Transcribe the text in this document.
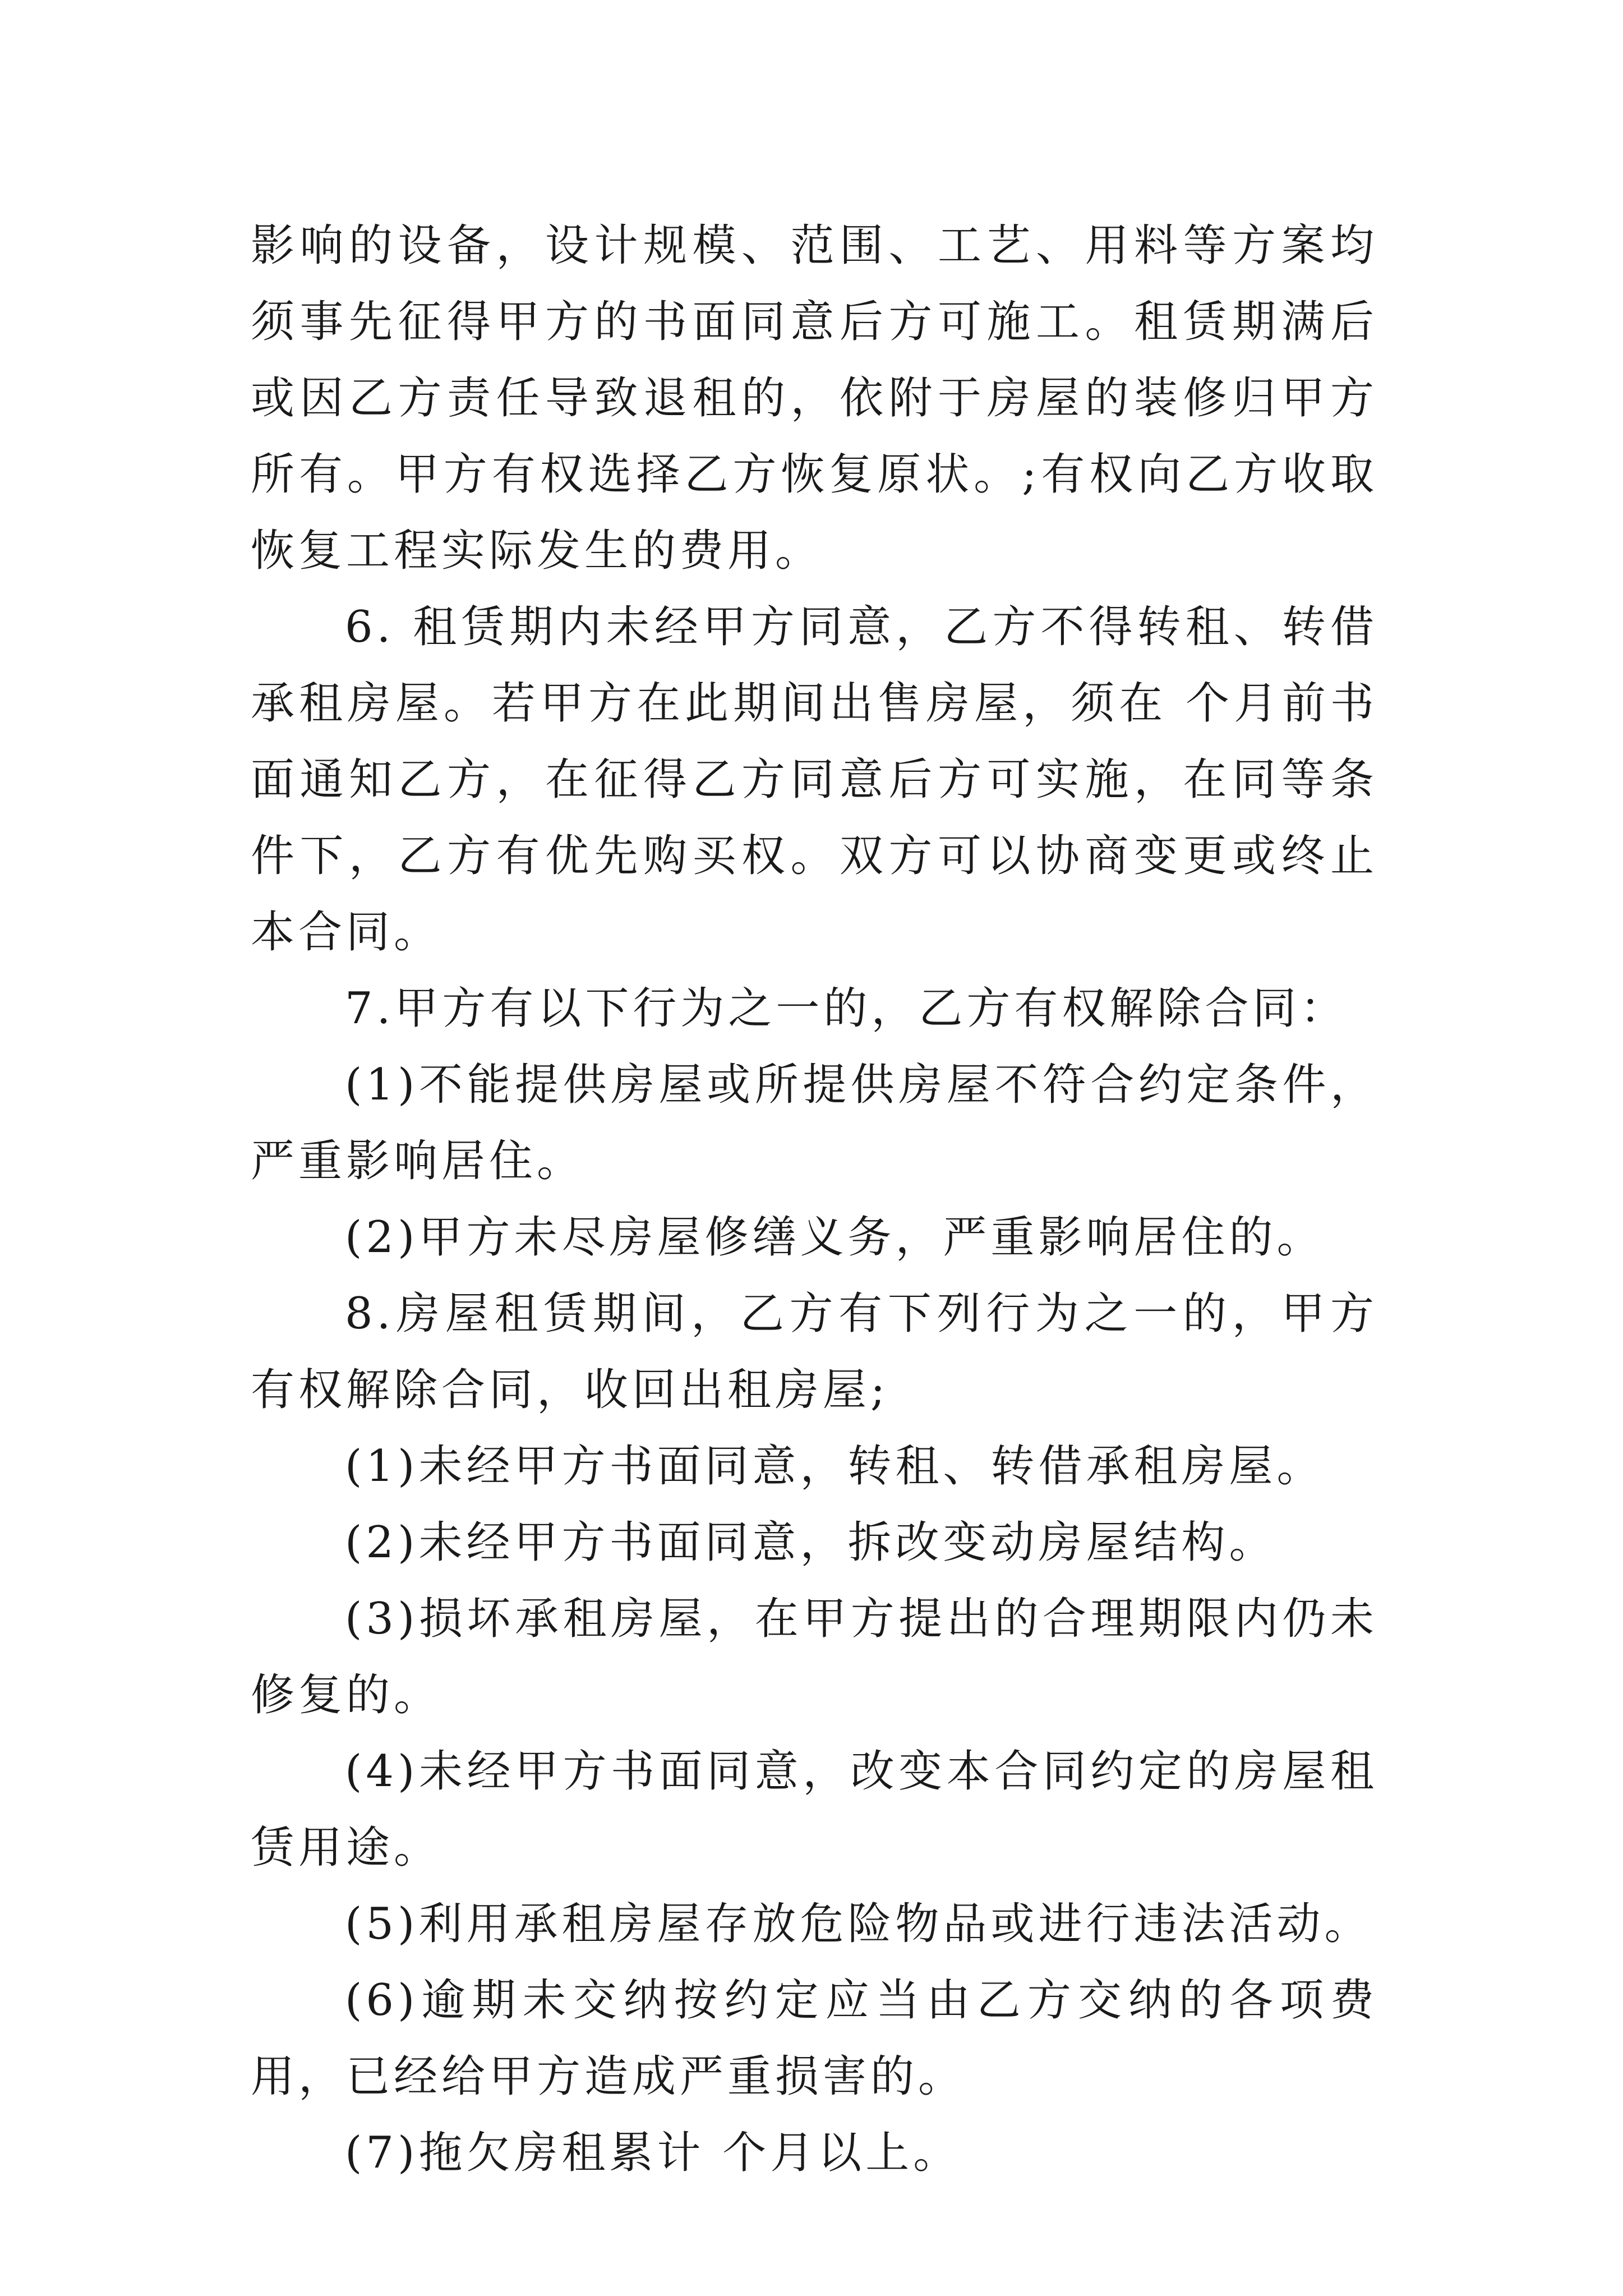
影响的设备，设计规模、范围、工艺、用料等方案均须事先征得甲方的书面同意后方可施工。租赁期满后或因乙方责任导致退租的，依附于房屋的装修归甲方所有。甲方有权选择乙方恢复原状。;有权向乙方收取恢复工程实际发生的费用。

6. 租赁期内未经甲方同意，乙方不得转租、转借承租房屋。若甲方在此期间出售房屋，须在 个月前书面通知乙方，在征得乙方同意后方可实施，在同等条件下，乙方有优先购买权。双方可以协商变更或终止本合同。

7.甲方有以下行为之一的，乙方有权解除合同：

(1)不能提供房屋或所提供房屋不符合约定条件，严重影响居住。

(2)甲方未尽房屋修缮义务，严重影响居住的。

8.房屋租赁期间，乙方有下列行为之一的，甲方有权解除合同，收回出租房屋;

(1)未经甲方书面同意，转租、转借承租房屋。

(2)未经甲方书面同意，拆改变动房屋结构。

(3)损坏承租房屋，在甲方提出的合理期限内仍未修复的。

(4)未经甲方书面同意，改变本合同约定的房屋租赁用途。

(5)利用承租房屋存放危险物品或进行违法活动。

(6)逾期未交纳按约定应当由乙方交纳的各项费用，已经给甲方造成严重损害的。

(7)拖欠房租累计 个月以上。
